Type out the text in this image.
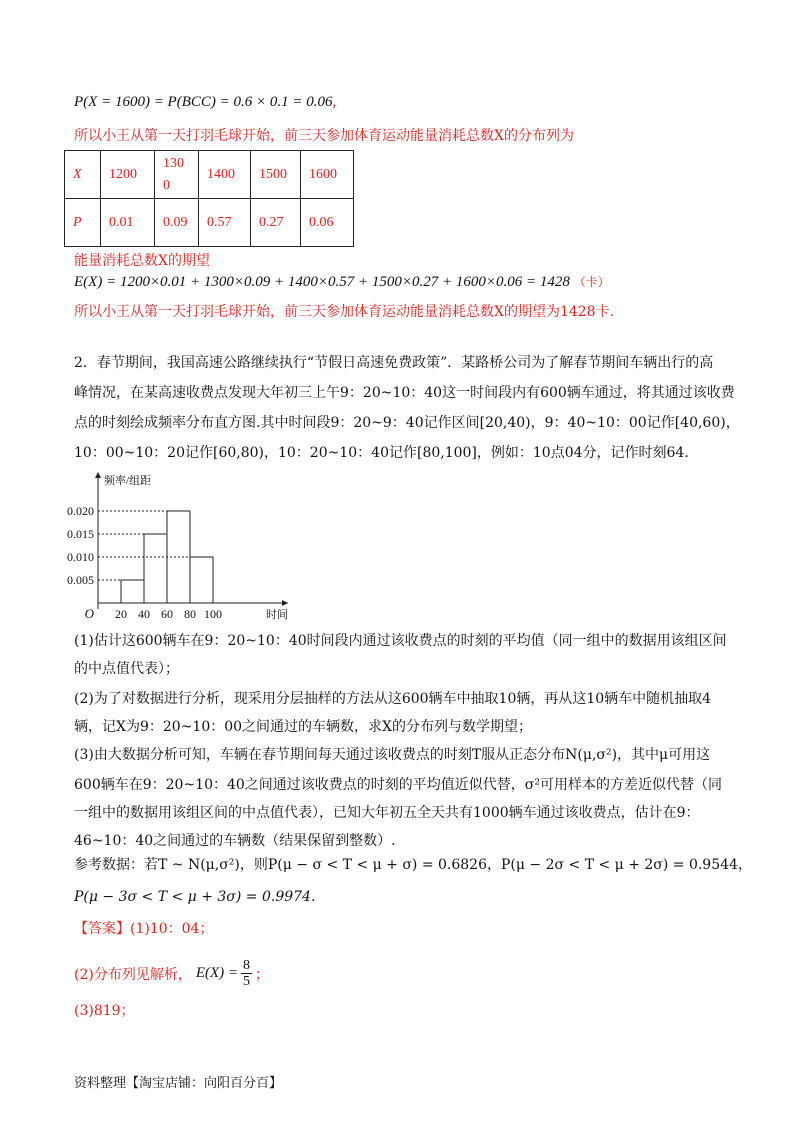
P(X = 1600) = P(BCC) = 0.6 × 0.1 = 0.06,
所以小王从第一天打羽毛球开始，前三天参加体育运动能量消耗总数X的分布列为
X	1200	1300	1400	1500	1600
P	0.01	0.09	0.57	0.27	0.06
能量消耗总数X的期望
E(X) = 1200×0.01 + 1300×0.09 + 1400×0.57 + 1500×0.27 + 1600×0.06 = 1428 （卡）
所以小王从第一天打羽毛球开始，前三天参加体育运动能量消耗总数X的期望为1428卡.
2．春节期间，我国高速公路继续执行“节假日高速免费政策”．某路桥公司为了解春节期间车辆出行的高
峰情况，在某高速收费点发现大年初三上午9：20~10：40这一时间段内有600辆车通过，将其通过该收费
点的时刻绘成频率分布直方图.其中时间段9：20~9：40记作区间[20,40)，9：40~10：00记作[40,60)，
10：00~10：20记作[60,80)，10：20~10：40记作[80,100]，例如：10点04分，记作时刻64.
0.005
0.010
0.015
0.020
20 40 60 80 100
O
频率/组距
时间
(1)估计这600辆车在9：20~10：40时间段内通过该收费点的时刻的平均值（同一组中的数据用该组区间
的中点值代表）；
(2)为了对数据进行分析，现采用分层抽样的方法从这600辆车中抽取10辆，再从这10辆车中随机抽取4
辆，记X为9：20~10：00之间通过的车辆数，求X的分布列与数学期望；
(3)由大数据分析可知，车辆在春节期间每天通过该收费点的时刻T服从正态分布N(μ,σ²)，其中μ可用这
600辆车在9：20~10：40之间通过该收费点的时刻的平均值近似代替，σ²可用样本的方差近似代替（同
一组中的数据用该组区间的中点值代表），已知大年初五全天共有1000辆车通过该收费点，估计在9：
46~10：40之间通过的车辆数（结果保留到整数）.
参考数据：若T ~ N(μ,σ²)，则P(μ − σ < T < μ + σ) = 0.6826，P(μ − 2σ < T < μ + 2σ) = 0.9544，
P(μ − 3σ < T < μ + 3σ) = 0.9974.
【答案】(1)10：04；
(2)分布列见解析， $E(X) = \frac{8}{5}$ ；
(3)819；
资料整理【淘宝店铺：向阳百分百】
